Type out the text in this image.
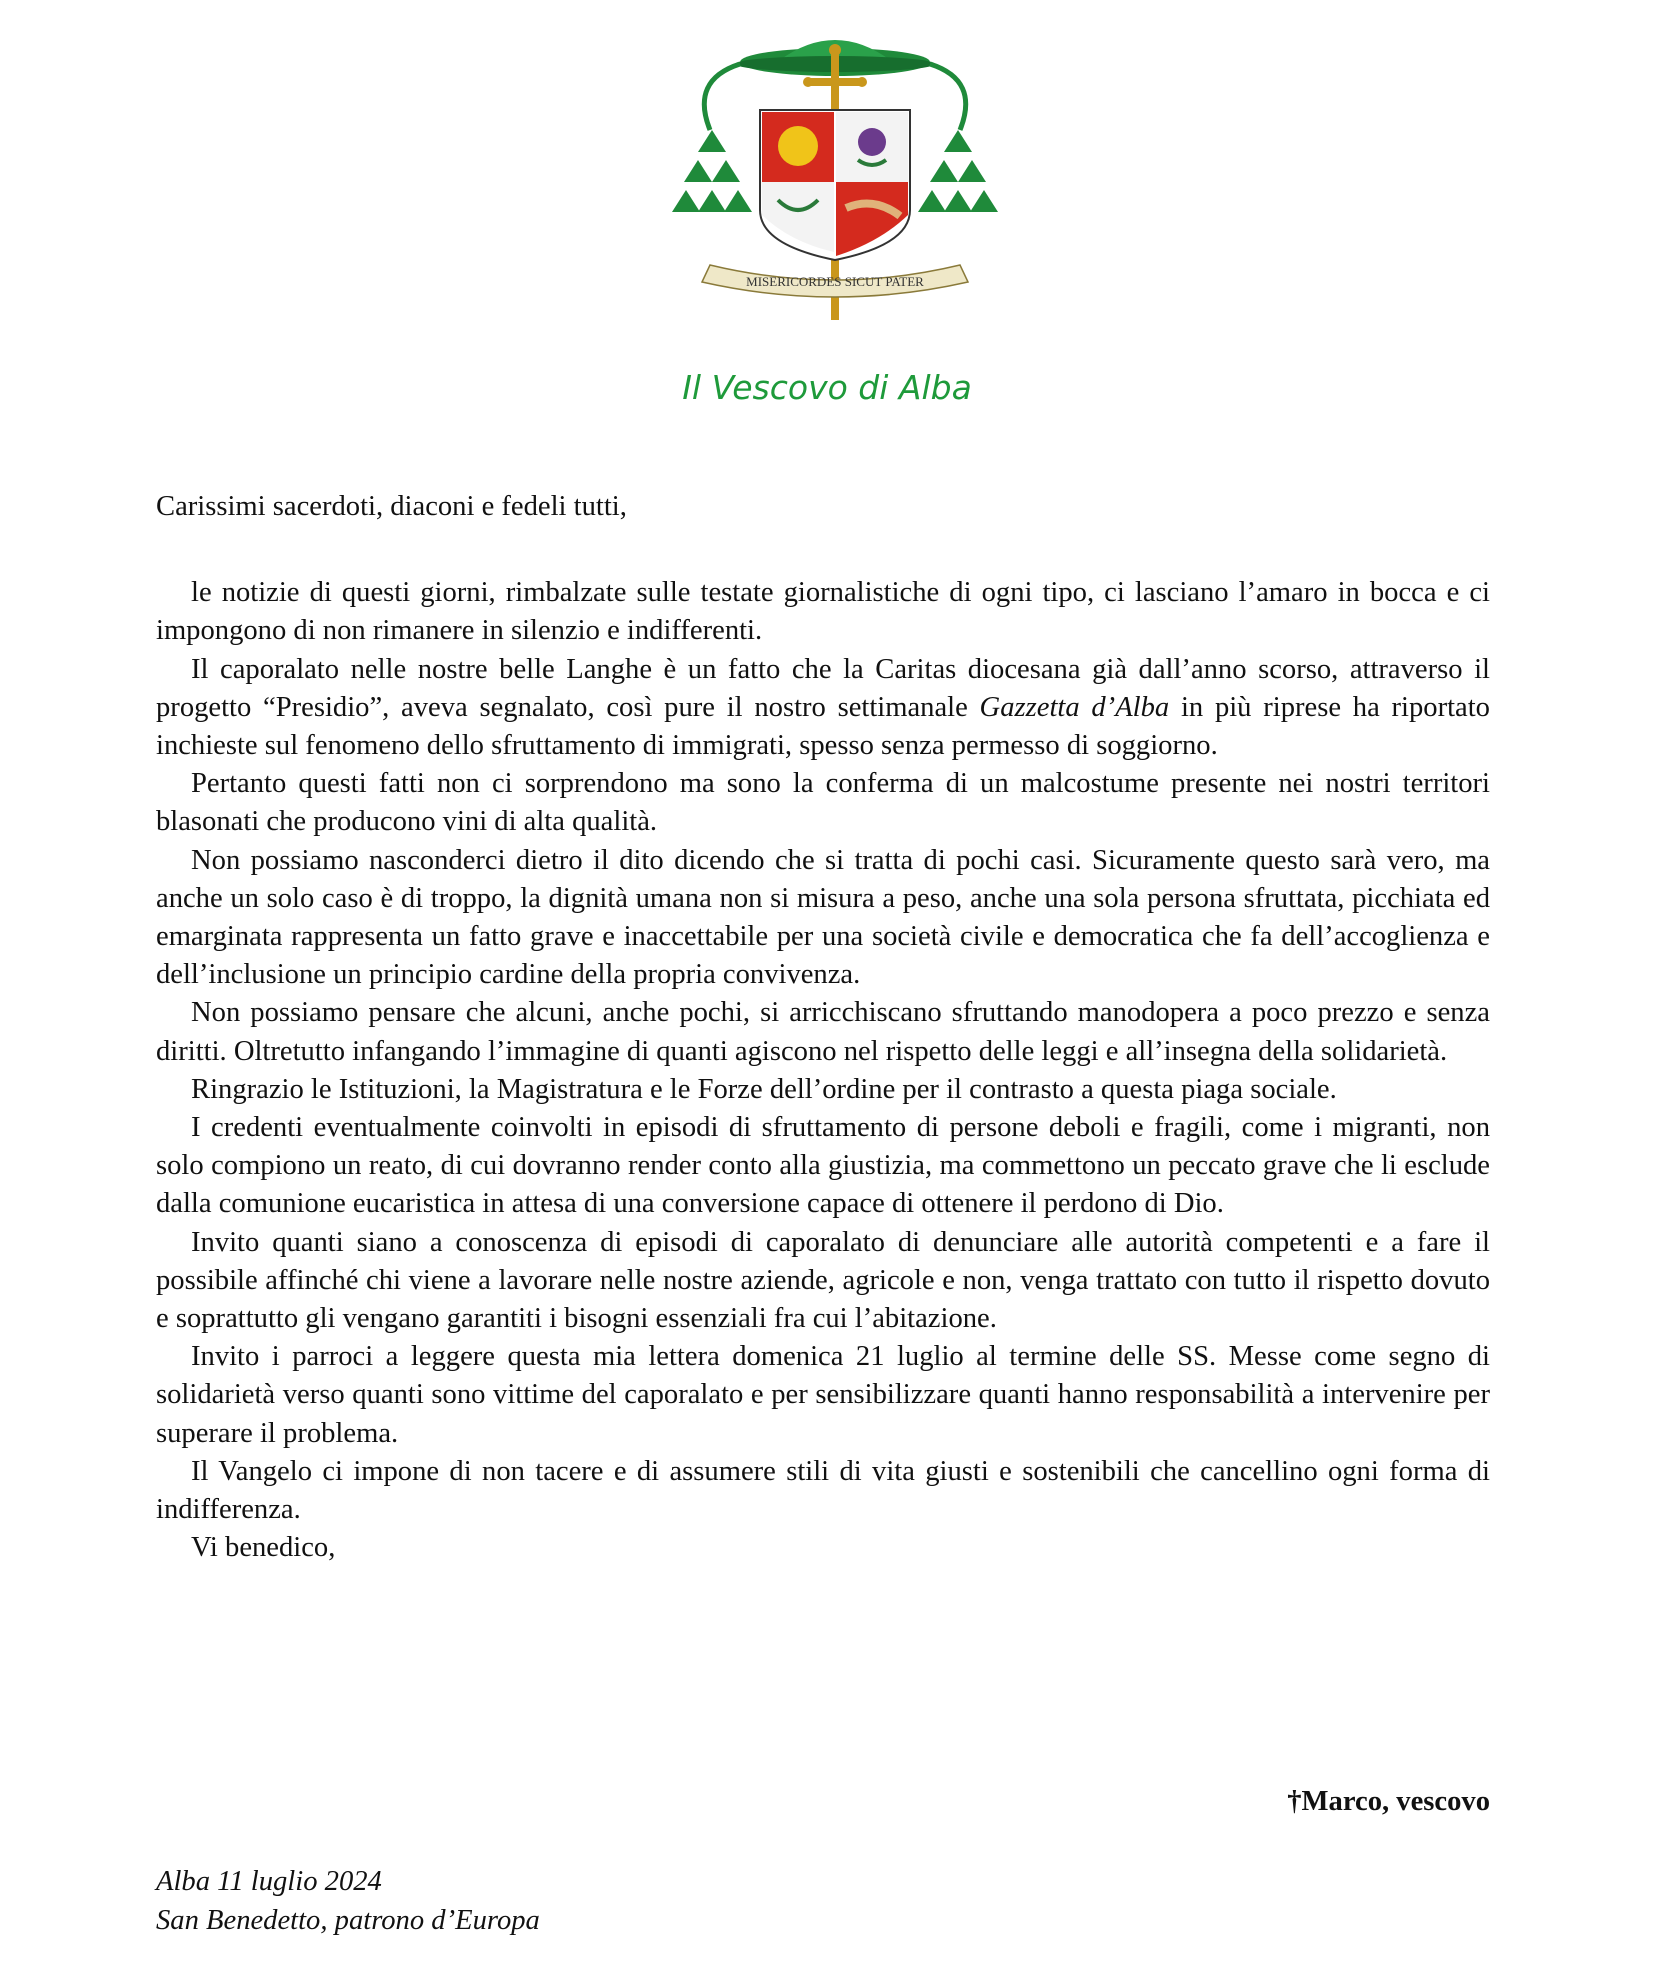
MISERICORDES SICUT PATER
Il Vescovo di Alba

Carissimi sacerdoti, diaconi e fedeli tutti,

le notizie di questi giorni, rimbalzate sulle testate giornalistiche di ogni tipo, ci lasciano l’amaro in bocca e ci impongono di non rimanere in silenzio e indifferenti.

Il caporalato nelle nostre belle Langhe è un fatto che la Caritas diocesana già dall’anno scorso, attraverso il progetto “Presidio”, aveva segnalato, così pure il nostro settimanale Gazzetta d’Alba in più riprese ha riportato inchieste sul fenomeno dello sfruttamento di immigrati, spesso senza permesso di soggiorno.

Pertanto questi fatti non ci sorprendono ma sono la conferma di un malcostume presente nei nostri territori blasonati che producono vini di alta qualità.

Non possiamo nasconderci dietro il dito dicendo che si tratta di pochi casi. Sicuramente questo sarà vero, ma anche un solo caso è di troppo, la dignità umana non si misura a peso, anche una sola persona sfruttata, picchiata ed emarginata rappresenta un fatto grave e inaccettabile per una società civile e democratica che fa dell’accoglienza e dell’inclusione un principio cardine della propria convivenza.

Non possiamo pensare che alcuni, anche pochi, si arricchiscano sfruttando manodopera a poco prezzo e senza diritti. Oltretutto infangando l’immagine di quanti agiscono nel rispetto delle leggi e all’insegna della solidarietà.

Ringrazio le Istituzioni, la Magistratura e le Forze dell’ordine per il contrasto a questa piaga sociale.

I credenti eventualmente coinvolti in episodi di sfruttamento di persone deboli e fragili, come i migranti, non solo compiono un reato, di cui dovranno render conto alla giustizia, ma commettono un peccato grave che li esclude dalla comunione eucaristica in attesa di una conversione capace di ottenere il perdono di Dio.

Invito quanti siano a conoscenza di episodi di caporalato di denunciare alle autorità competenti e a fare il possibile affinché chi viene a lavorare nelle nostre aziende, agricole e non, venga trattato con tutto il rispetto dovuto e soprattutto gli vengano garantiti i bisogni essenziali fra cui l’abitazione.

Invito i parroci a leggere questa mia lettera domenica 21 luglio al termine delle SS. Messe come segno di solidarietà verso quanti sono vittime del caporalato e per sensibilizzare quanti hanno responsabilità a intervenire per superare il problema.

Il Vangelo ci impone di non tacere e di assumere stili di vita giusti e sostenibili che cancellino ogni forma di indifferenza.

Vi benedico,

†Marco, vescovo
Alba 11 luglio 2024
San Benedetto, patrono d’Europa
